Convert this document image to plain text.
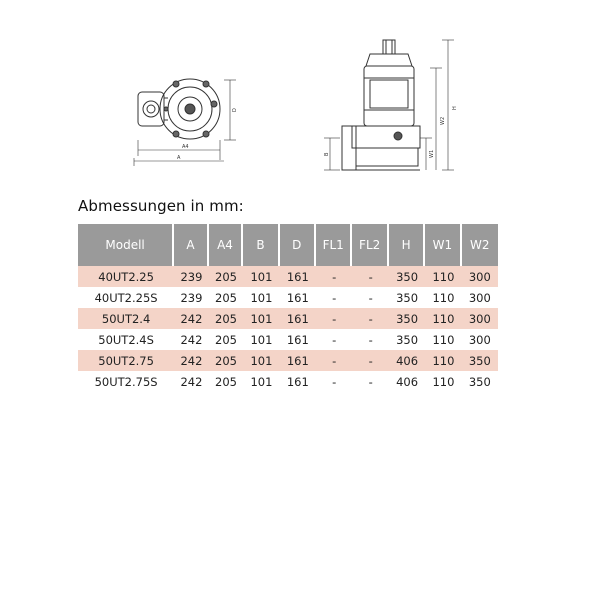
A4
A
D
H
W2
W1
B
Abmessungen in mm:
Modell	A	A4	B	D	FL1	FL2	H	W1	W2
40UT2.25	239	205	101	161	-	-	350	110	300
40UT2.25S	239	205	101	161	-	-	350	110	300
50UT2.4	242	205	101	161	-	-	350	110	300
50UT2.4S	242	205	101	161	-	-	350	110	300
50UT2.75	242	205	101	161	-	-	406	110	350
50UT2.75S	242	205	101	161	-	-	406	110	350
